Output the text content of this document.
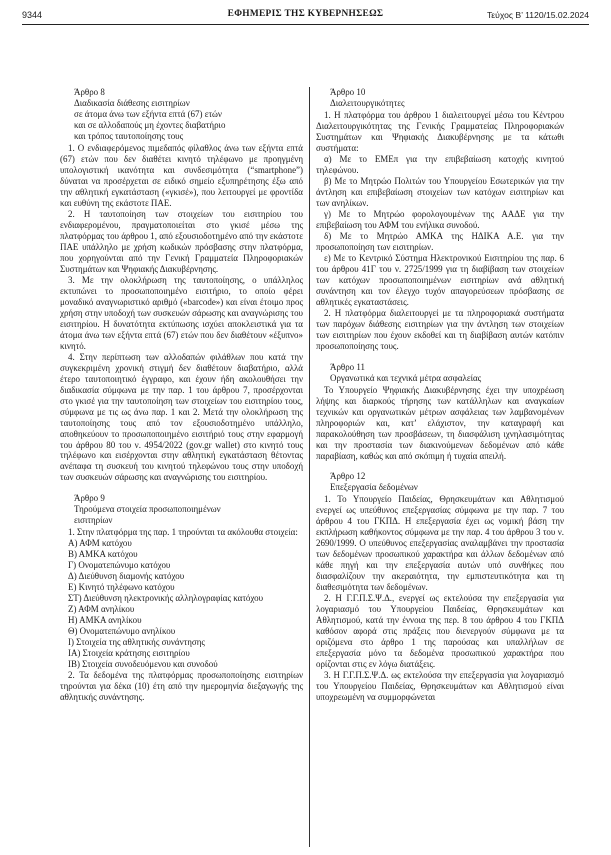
9344	ΕΦΗΜΕΡΙΣ ΤΗΣ ΚΥΒΕΡΝΗΣΕΩΣ	Τεύχος Β’ 1120/15.02.2024
Άρθρο 8
Διαδικασία διάθεσης εισιτηρίων
σε άτομα άνω των εξήντα επτά (67) ετών
και σε αλλοδαπούς μη έχοντες διαβατήριο
και τρόπος ταυτοποίησης τους

1. Ο ενδιαφερόμενος πιμεδαπός φίλαθλος άνω των εξήντα επτά (67) ετών που δεν διαθέτει κινητό τηλέφωνο με προηγμένη υπολογιστική ικανότητα και συνδεσιμότητα (“smartphone”) δύναται να προσέρχεται σε ειδικό σημείο εξυπηρέτησης έξω από την αθλητική εγκατάσταση («γκισέ»), που λειτουργεί με φροντίδα και ευθύνη της εκάστοτε ΠΑΕ.

2. Η ταυτοποίηση των στοιχείων του εισιτηρίου του ενδιαφερομένου, πραγματοποιείται στο γκισέ μέσω της πλατφόρμας του άρθρου 1, από εξουσιοδοτημένο από την εκάστοτε ΠΑΕ υπάλληλο με χρήση κωδικών πρόσβασης στην πλατφόρμα, που χορηγούνται από την Γενική Γραμματεία Πληροφοριακών Συστημάτων και Ψηφιακής Διακυβέρνησης.

3. Με την ολοκλήρωση της ταυτοποίησης, ο υπάλληλος εκτυπώνει το προσωποποιημένο εισιτήριο, το οποίο φέρει μοναδικό αναγνωριστικό αριθμό («barcode») και είναι έτοιμο προς χρήση στην υποδοχή των συσκευών σάρωσης και αναγνώρισης του εισιτηρίου. Η δυνατότητα εκτύπωσης ισχύει αποκλειστικά για τα άτομα άνω των εξήντα επτά (67) ετών που δεν διαθέτουν «έξυπνο» κινητό.

4. Στην περίπτωση των αλλοδαπών φιλάθλων που κατά την συγκεκριμένη χρονική στιγμή δεν διαθέτουν διαβατήριο, αλλά έτερο ταυτοποιητικό έγγραφο, και έχουν ήδη ακολουθήσει την διαδικασία σύμφωνα με την παρ. 1 του άρθρου 7, προσέρχονται στο γκισέ για την ταυτοποίηση των στοιχείων του εισιτηρίου τους, σύμφωνα με τις ως άνω παρ. 1 και 2. Μετά την ολοκλήρωση της ταυτοποίησης τους από τον εξουσιοδοτημένο υπάλληλο, αποθηκεύουν το προσωποποιημένο εισιτήριό τους στην εφαρμογή του άρθρου 80 του ν. 4954/2022 (gov.gr wallet) στο κινητό τους τηλέφωνο και εισέρχονται στην αθλητική εγκατάσταση θέτοντας ανέπαφα τη συσκευή του κινητού τηλεφώνου τους στην υποδοχή των συσκευών σάρωσης και αναγνώρισης του εισιτηρίου.

Άρθρο 9
Τηρούμενα στοιχεία προσωποποιημένων
εισιτηρίων

1. Στην πλατφόρμα της παρ. 1 τηρούνται τα ακόλουθα στοιχεία:

Α) ΑΦΜ κατόχου

Β) ΑΜΚΑ κατόχου

Γ) Ονοματεπώνυμο κατόχου

Δ) Διεύθυνση διαμονής κατόχου

Ε) Κινητό τηλέφωνο κατόχου

ΣΤ) Διεύθυνση ηλεκτρονικής αλληλογραφίας κατόχου

Ζ) ΑΦΜ ανηλίκου

Η) ΑΜΚΑ ανηλίκου

Θ) Ονοματεπώνυμο ανηλίκου

Ι) Στοιχεία της αθλητικής συνάντησης

ΙΑ) Στοιχεία κράτησης εισιτηρίου

ΙΒ) Στοιχεία συνοδευόμενου και συνοδού

2. Τα δεδομένα της πλατφόρμας προσωποποίησης εισιτηρίων τηρούνται για δέκα (10) έτη από την ημερομηνία διεξαγωγής της αθλητικής συνάντησης.

Άρθρο 10
Διαλειτουργικότητες

1. Η πλατφόρμα του άρθρου 1 διαλειτουργεί μέσω του Κέντρου Διαλειτουργικότητας της Γενικής Γραμματείας Πληροφοριακών Συστημάτων και Ψηφιακής Διακυβέρνησης με τα κάτωθι συστήματα:

α) Με το ΕΜΕπ για την επιβεβαίωση κατοχής κινητού τηλεφώνου.

β) Με το Μητρώο Πολιτών του Υπουργείου Εσωτερικών για την άντληση και επιβεβαίωση στοιχείων των κατόχων εισιτηρίων και των ανηλίκων.

γ) Με το Μητρώο φορολογουμένων της ΑΑΔΕ για την επιβεβαίωση του ΑΦΜ του ενήλικα συνοδού.

δ) Με το Μητρώο ΑΜΚΑ της ΗΔΙΚΑ Α.Ε. για την προσωποποίηση των εισιτηρίων.

ε) Με το Κεντρικό Σύστημα Ηλεκτρονικού Εισιτηρίου της παρ. 6 του άρθρου 41Γ του ν. 2725/1999 για τη διαβίβαση των στοιχείων των κατόχων προσωποποιημένων εισιτηρίων ανά αθλητική συνάντηση και τον έλεγχο τυχόν απαγορεύσεων πρόσβασης σε αθλητικές εγκαταστάσεις.

2. Η πλατφόρμα διαλειτουργεί με τα πληροφοριακά συστήματα των παρόχων διάθεσης εισιτηρίων για την άντληση των στοιχείων των εισιτηρίων που έχουν εκδοθεί και τη διαβίβαση αυτών κατόπιν προσωποποίησης τους.

Άρθρο 11
Οργανωτικά και τεχνικά μέτρα ασφαλείας

Το Υπουργείο Ψηφιακής Διακυβέρνησης έχει την υποχρέωση λήψης και διαρκούς τήρησης των κατάλληλων και αναγκαίων τεχνικών και οργανωτικών μέτρων ασφάλειας των λαμβανομένων πληροφοριών και, κατ’ ελάχιστον, την καταγραφή και παρακολούθηση των προσβάσεων, τη διασφάλιση ιχνηλασιμότητας και την προστασία των διακινούμενων δεδομένων από κάθε παραβίαση, καθώς και από σκόπιμη ή τυχαία απειλή.

Άρθρο 12
Επεξεργασία δεδομένων

1. Το Υπουργείο Παιδείας, Θρησκευμάτων και Αθλητισμού ενεργεί ως υπεύθυνος επεξεργασίας σύμφωνα με την παρ. 7 του άρθρου 4 του ΓΚΠΔ. Η επεξεργασία έχει ως νομική βάση την εκπλήρωση καθήκοντος σύμφωνα με την παρ. 4 του άρθρου 3 του ν. 2690/1999. Ο υπεύθυνος επεξεργασίας αναλαμβάνει την προστασία των δεδομένων προσωπικού χαρακτήρα και άλλων δεδομένων από κάθε πηγή και την επεξεργασία αυτών υπό συνθήκες που διασφαλίζουν την ακεραιότητα, την εμπιστευτικότητα και τη διαθεσιμότητα των δεδομένων.

2. Η Γ.Γ.Π.Σ.Ψ.Δ., ενεργεί ως εκτελούσα την επεξεργασία για λογαριασμό του Υπουργείου Παιδείας, Θρησκευμάτων και Αθλητισμού, κατά την έννοια της περ. 8 του άρθρου 4 του ΓΚΠΔ καθόσον αφορά στις πράξεις που διενεργούν σύμφωνα με τα οριζόμενα στο άρθρο 1 της παρούσας και υπαλλήλων σε επεξεργασία μόνο τα δεδομένα προσωπικού χαρακτήρα που ορίζονται στις εν λόγω διατάξεις.

3. Η Γ.Γ.Π.Σ.Ψ.Δ. ως εκτελούσα την επεξεργασία για λογαριασμό του Υπουργείου Παιδείας, Θρησκευμάτων και Αθλητισμού είναι υποχρεωμένη να συμμορφώνεται
